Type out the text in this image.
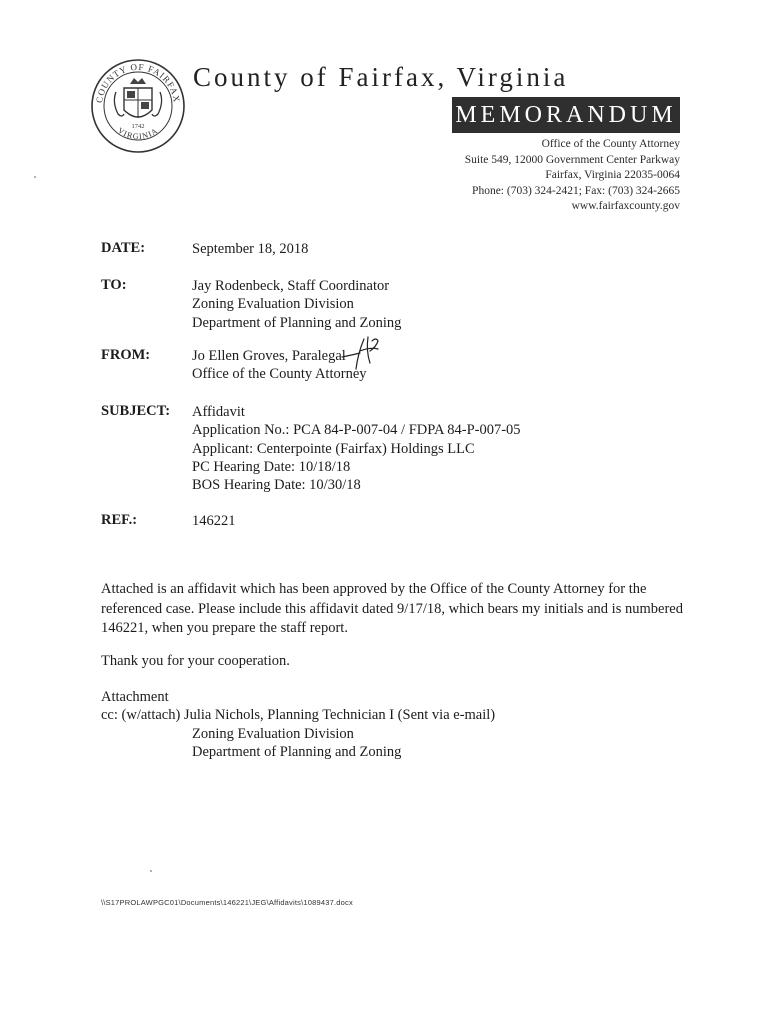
COUNTY OF FAIRFAX
VIRGINIA
1742
County of Fairfax, Virginia
MEMORANDUM
Office of the County Attorney
Suite 549, 12000 Government Center Parkway
Fairfax, Virginia 22035-0064
Phone: (703) 324-2421; Fax: (703) 324-2665
www.fairfaxcounty.gov
DATE:	September 18, 2018
TO:	Jay Rodenbeck, Staff Coordinator
Zoning Evaluation Division
Department of Planning and Zoning
FROM:	Jo Ellen Groves, Paralegal
Office of the County Attorney
SUBJECT: Affidavit
Application No.: PCA 84-P-007-04 / FDPA 84-P-007-05
Applicant: Centerpointe (Fairfax) Holdings LLC
PC Hearing Date: 10/18/18
BOS Hearing Date: 10/30/18
REF.:	146221
Attached is an affidavit which has been approved by the Office of the County Attorney for the referenced case. Please include this affidavit dated 9/17/18, which bears my initials and is numbered 146221, when you prepare the staff report.
Thank you for your cooperation.
Attachment
cc: (w/attach) Julia Nichols, Planning Technician I (Sent via e-mail)
Zoning Evaluation Division
Department of Planning and Zoning
\\S17PROLAWPGC01\Documents\146221\JEG\Affidavits\1089437.docx
